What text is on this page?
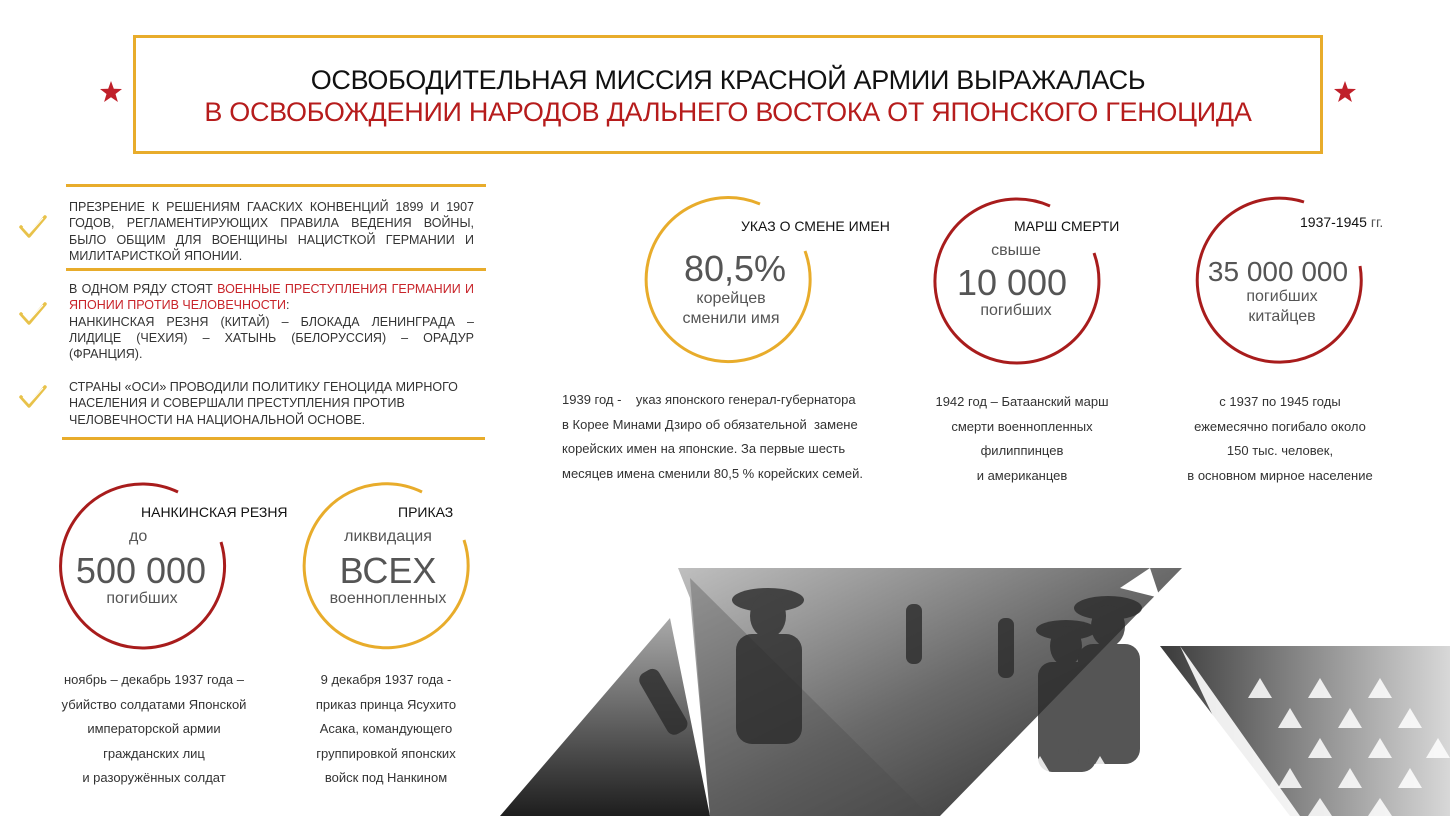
ОСВОБОДИТЕЛЬНАЯ МИССИЯ КРАСНОЙ АРМИИ ВЫРАЖАЛАСЬ
В ОСВОБОЖДЕНИИ НАРОДОВ ДАЛЬНЕГО ВОСТОКА ОТ ЯПОНСКОГО ГЕНОЦИДА
ПРЕЗРЕНИЕ К РЕШЕНИЯМ ГААСКИХ КОНВЕНЦИЙ 1899 И 1907 ГОДОВ, РЕГЛАМЕНТИРУЮЩИХ ПРАВИЛА ВЕДЕНИЯ ВОЙНЫ, БЫЛО ОБЩИМ ДЛЯ ВОЕНЩИНЫ НАЦИСТКОЙ ГЕРМАНИИ И МИЛИТАРИСТКОЙ ЯПОНИИ.
В ОДНОМ РЯДУ СТОЯТ ВОЕННЫЕ ПРЕСТУПЛЕНИЯ ГЕРМАНИИ И ЯПОНИИ ПРОТИВ ЧЕЛОВЕЧНОСТИ:
НАНКИНСКАЯ РЕЗНЯ (КИТАЙ) – БЛОКАДА ЛЕНИНГРАДА – ЛИДИЦЕ (ЧЕХИЯ) – ХАТЫНЬ (БЕЛОРУССИЯ) – ОРАДУР (ФРАНЦИЯ).
СТРАНЫ «ОСИ» ПРОВОДИЛИ ПОЛИТИКУ ГЕНОЦИДА МИРНОГО НАСЕЛЕНИЯ И СОВЕРШАЛИ ПРЕСТУПЛЕНИЯ ПРОТИВ ЧЕЛОВЕЧНОСТИ НА НАЦИОНАЛЬНОЙ ОСНОВЕ.
НАНКИНСКАЯ РЕЗНЯ
до
500 000
погибших
ноябрь – декабрь 1937 года –
убийство солдатами Японской
императорской армии
гражданских лиц
и разоружённых солдат
ПРИКАЗ
ликвидация
ВСЕХ
военнопленных
9 декабря 1937 года -
приказ принца Ясухито
Асака, командующего
группировкой японских
войск под Нанкином
УКАЗ О СМЕНЕ ИМЕН
80,5%
корейцев
сменили имя
1939 год -    указ японского генерал-губернатора
в Корее Минами Дзиро об обязательной  замене
корейских имен на японские. За первые шесть
месяцев имена сменили 80,5 % корейских семей.
МАРШ СМЕРТИ
свыше
10 000
погибших
1942 год – Батаанский марш
смерти военнопленных
филиппинцев
и американцев
1937-1945 гг.
35 000 000
погибших
китайцев
с 1937 по 1945 годы
ежемесячно погибало около
150 тыс. человек,
в основном мирное население
